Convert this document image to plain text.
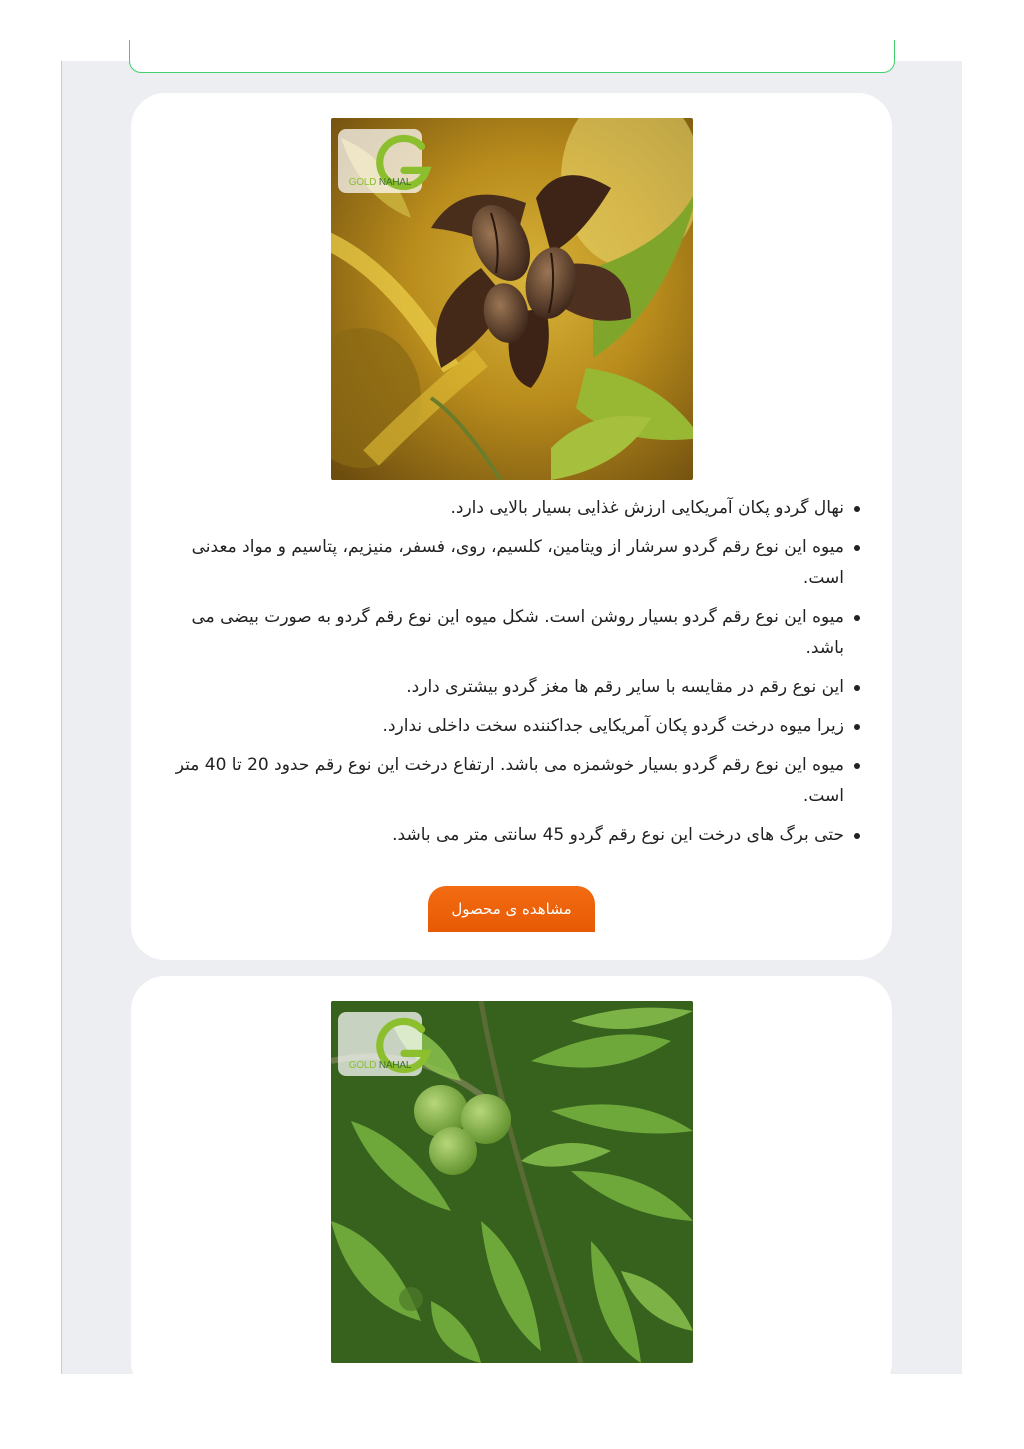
GOLD NAHAL
نهال گردو پکان آمریکایی ارزش غذایی بسیار بالایی دارد.
میوه این نوع رقم گردو سرشار از ویتامین، کلسیم، روی، فسفر، منیزیم، پتاسیم و مواد معدنی است.
میوه این نوع رقم گردو بسیار روشن است. شکل میوه این نوع رقم گردو به صورت بیضی می باشد.
این نوع رقم در مقایسه با سایر رقم ها مغز گردو بیشتری دارد.
زیرا میوه درخت گردو پکان آمریکایی جداکننده سخت داخلی ندارد.
میوه این نوع رقم گردو بسیار خوشمزه می باشد. ارتفاع درخت این نوع رقم حدود 20 تا 40 متر است.
حتی برگ های درخت این نوع رقم گردو 45 سانتی متر می باشد.
مشاهده ی محصول
GOLD NAHAL
